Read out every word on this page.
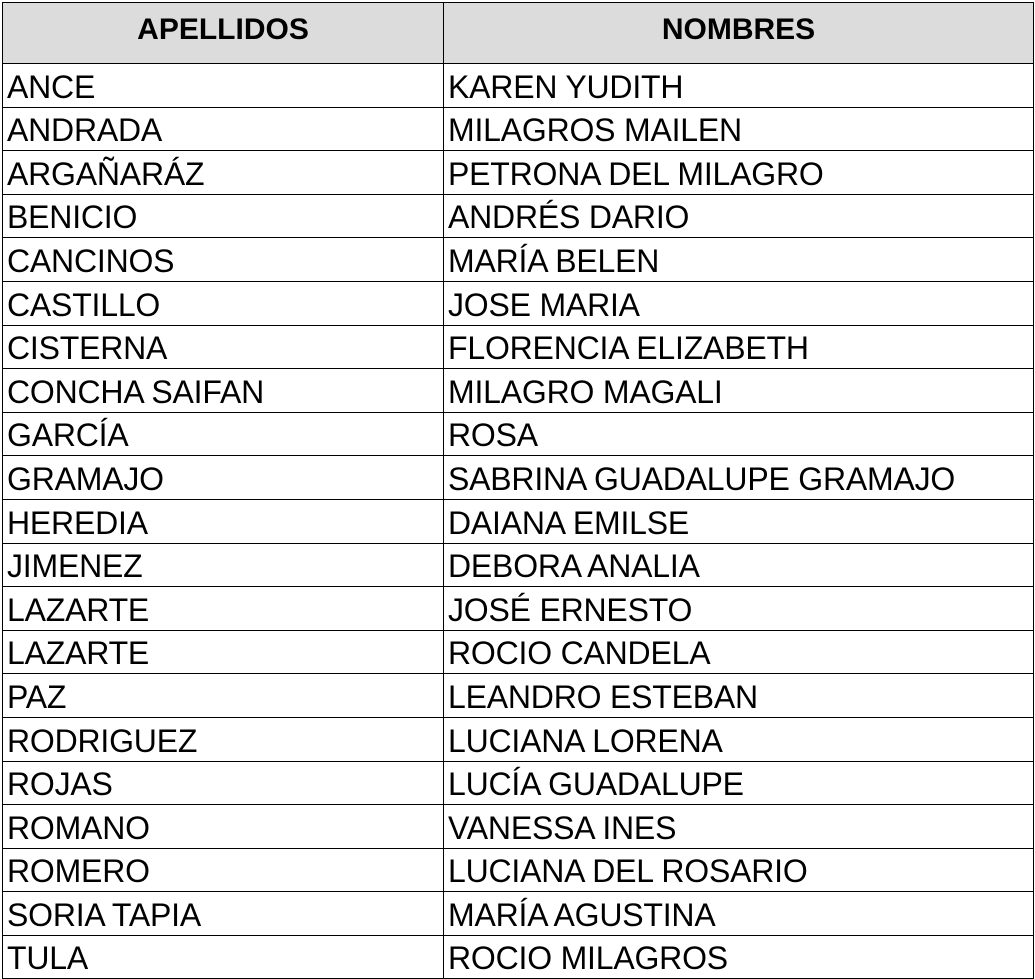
APELLIDOS	NOMBRES
ANCE	KAREN YUDITH
ANDRADA	MILAGROS MAILEN
ARGAÑARÁZ	PETRONA DEL MILAGRO
BENICIO	ANDRÉS DARIO
CANCINOS	MARÍA BELEN
CASTILLO	JOSE MARIA
CISTERNA	FLORENCIA ELIZABETH
CONCHA SAIFAN	MILAGRO MAGALI
GARCÍA	ROSA
GRAMAJO	SABRINA GUADALUPE GRAMAJO
HEREDIA	DAIANA EMILSE
JIMENEZ	DEBORA ANALIA
LAZARTE	JOSÉ ERNESTO
LAZARTE	ROCIO CANDELA
PAZ	LEANDRO ESTEBAN
RODRIGUEZ	LUCIANA LORENA
ROJAS	LUCÍA GUADALUPE
ROMANO	VANESSA INES
ROMERO	LUCIANA DEL ROSARIO
SORIA TAPIA	MARÍA AGUSTINA
TULA	ROCIO MILAGROS
